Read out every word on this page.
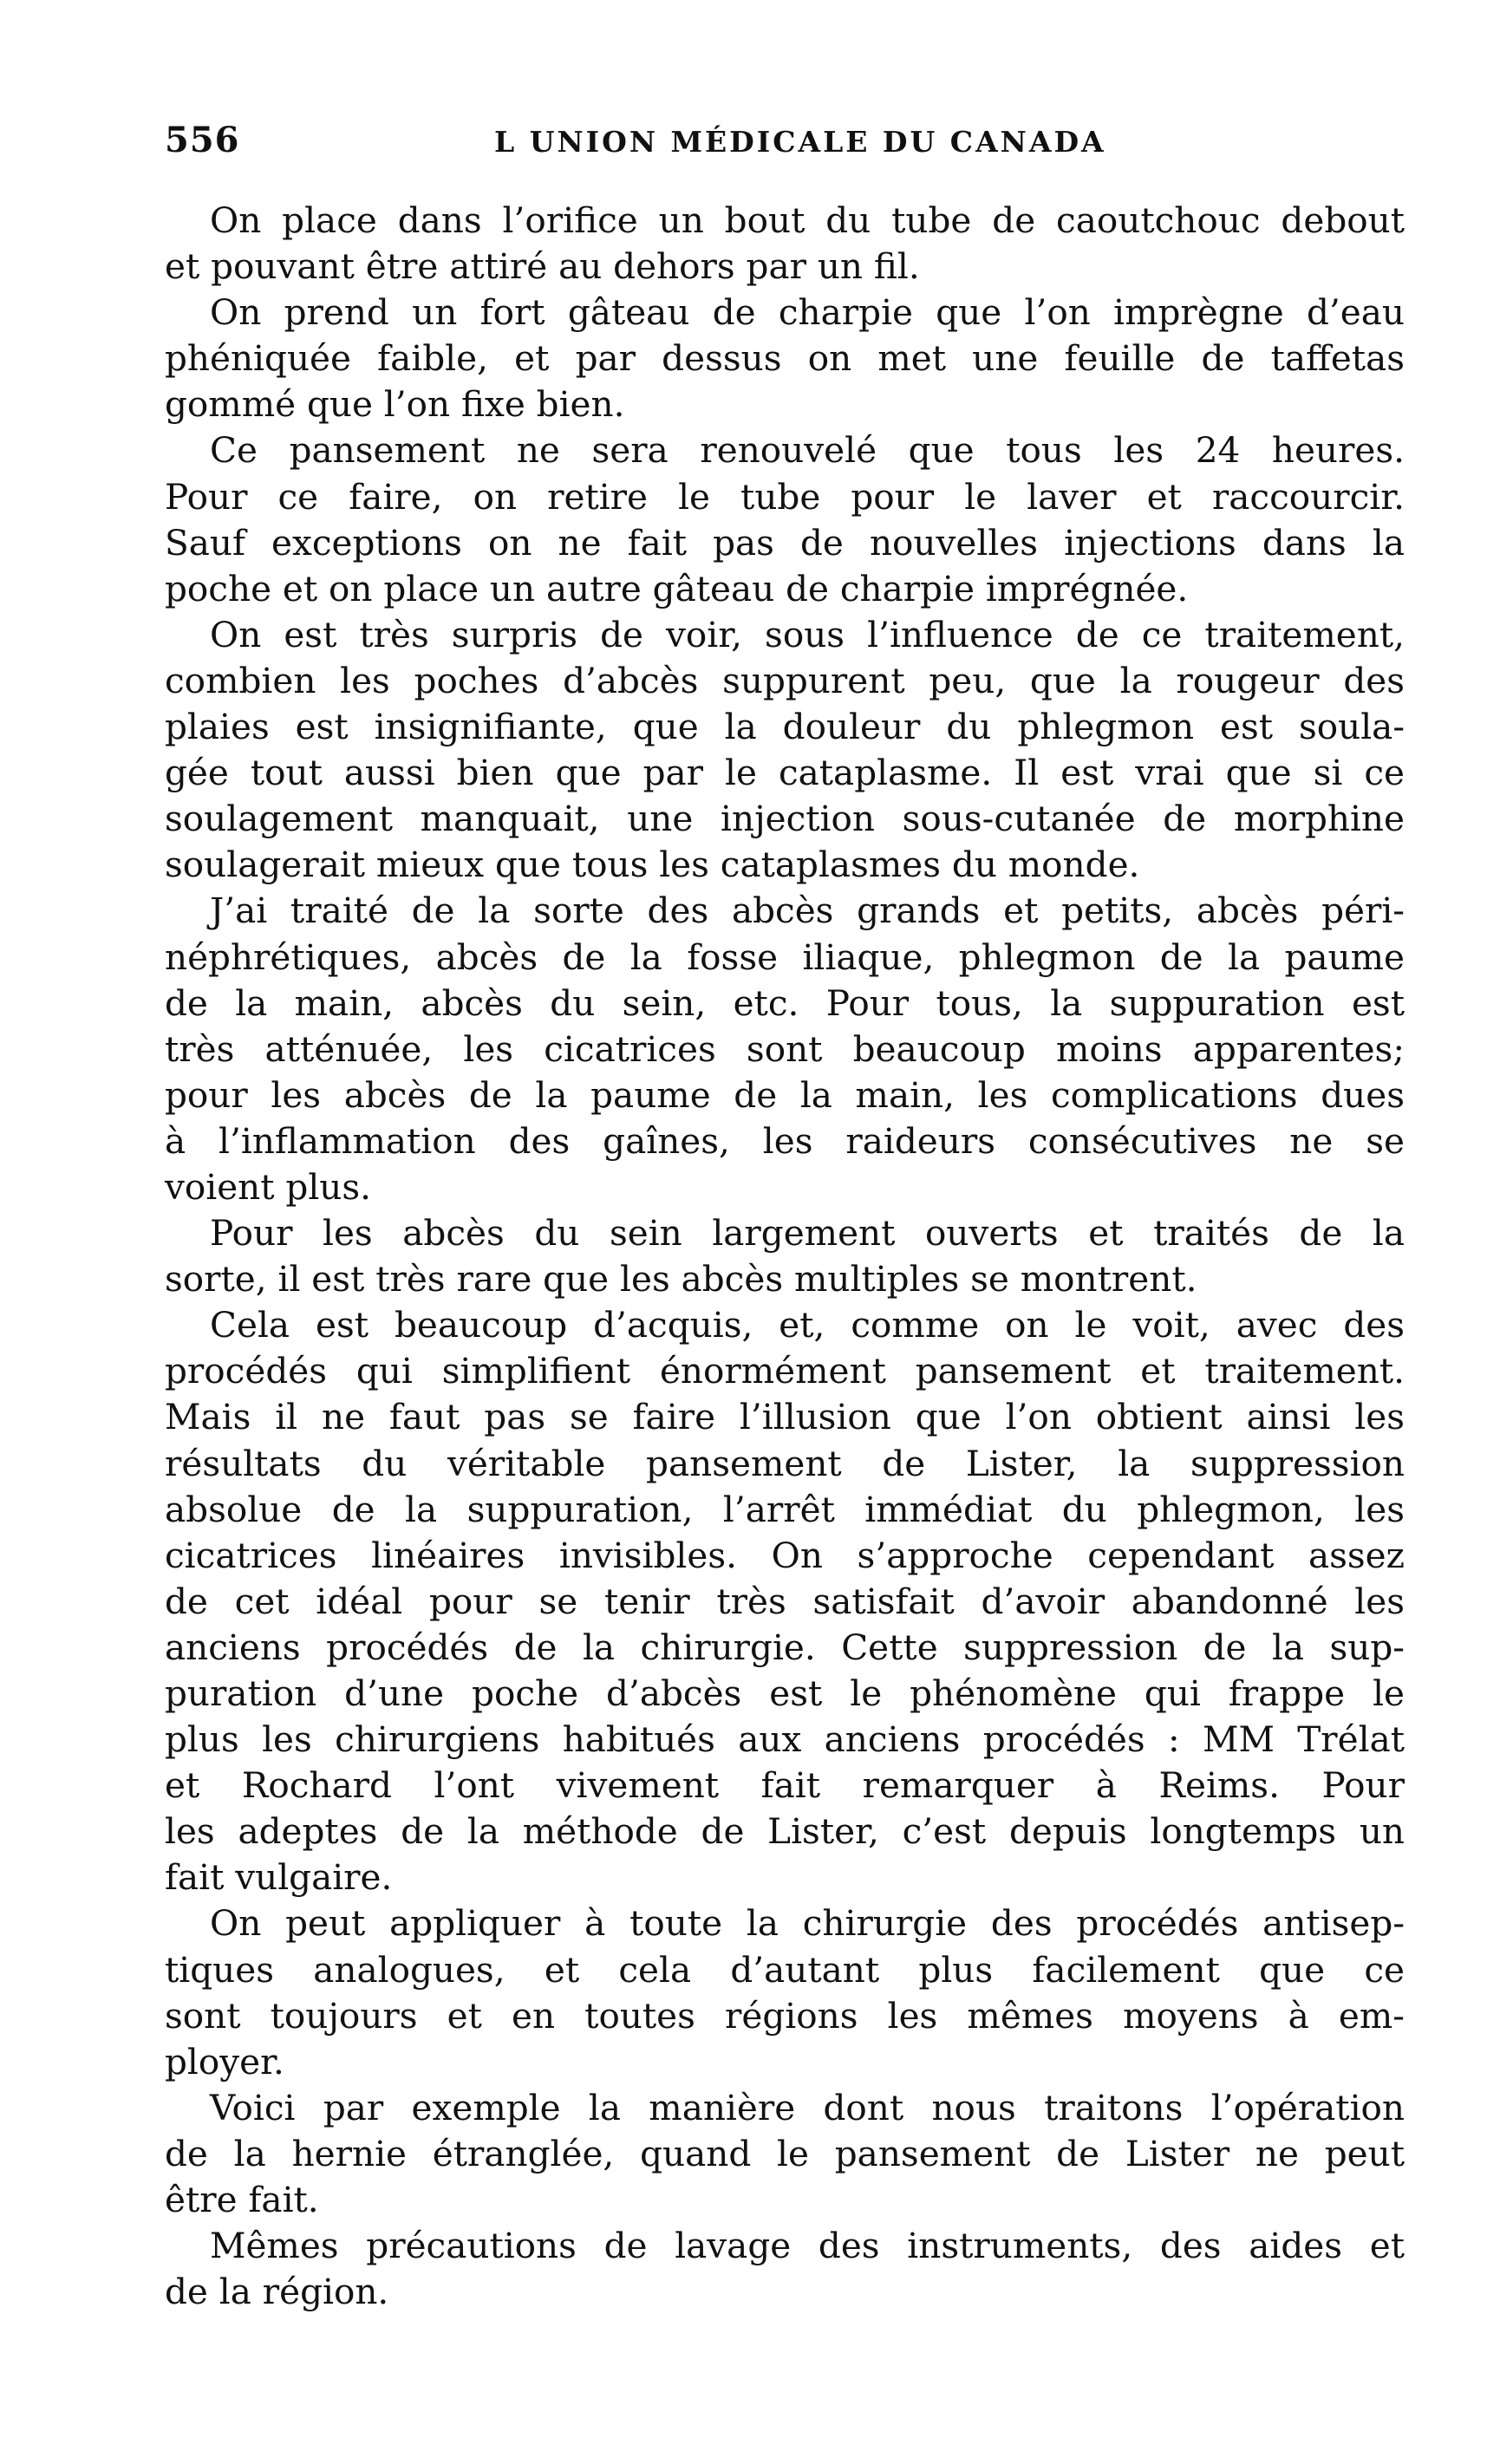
556	L UNION MÉDICALE DU CANADA
On place dans l’orifice un bout du tube de caoutchouc debout
et pouvant être attiré au dehors par un fil.
On prend un fort gâteau de charpie que l’on imprègne d’eau
phéniquée faible, et par dessus on met une feuille de taffetas
gommé que l’on fixe bien.
Ce pansement ne sera renouvelé que tous les 24 heures.
Pour ce faire, on retire le tube pour le laver et raccourcir.
Sauf exceptions on ne fait pas de nouvelles injections dans la
poche et on place un autre gâteau de charpie imprégnée.
On est très surpris de voir, sous l’influence de ce traitement,
combien les poches d’abcès suppurent peu, que la rougeur des
plaies est insignifiante, que la douleur du phlegmon est soula-
gée tout aussi bien que par le cataplasme. Il est vrai que si ce
soulagement manquait, une injection sous-cutanée de morphine
soulagerait mieux que tous les cataplasmes du monde.
J’ai traité de la sorte des abcès grands et petits, abcès péri-
néphrétiques, abcès de la fosse iliaque, phlegmon de la paume
de la main, abcès du sein, etc. Pour tous, la suppuration est
très atténuée, les cicatrices sont beaucoup moins apparentes;
pour les abcès de la paume de la main, les complications dues
à l’inflammation des gaînes, les raideurs consécutives ne se
voient plus.
Pour les abcès du sein largement ouverts et traités de la
sorte, il est très rare que les abcès multiples se montrent.
Cela est beaucoup d’acquis, et, comme on le voit, avec des
procédés qui simplifient énormément pansement et traitement.
Mais il ne faut pas se faire l’illusion que l’on obtient ainsi les
résultats du véritable pansement de Lister, la suppression
absolue de la suppuration, l’arrêt immédiat du phlegmon, les
cicatrices linéaires invisibles. On s’approche cependant assez
de cet idéal pour se tenir très satisfait d’avoir abandonné les
anciens procédés de la chirurgie. Cette suppression de la sup-
puration d’une poche d’abcès est le phénomène qui frappe le
plus les chirurgiens habitués aux anciens procédés : MM Trélat
et Rochard l’ont vivement fait remarquer à Reims. Pour
les adeptes de la méthode de Lister, c’est depuis longtemps un
fait vulgaire.
On peut appliquer à toute la chirurgie des procédés antisep-
tiques analogues, et cela d’autant plus facilement que ce
sont toujours et en toutes régions les mêmes moyens à em-
ployer.
Voici par exemple la manière dont nous traitons l’opération
de la hernie étranglée, quand le pansement de Lister ne peut
être fait.
Mêmes précautions de lavage des instruments, des aides et
de la région.
